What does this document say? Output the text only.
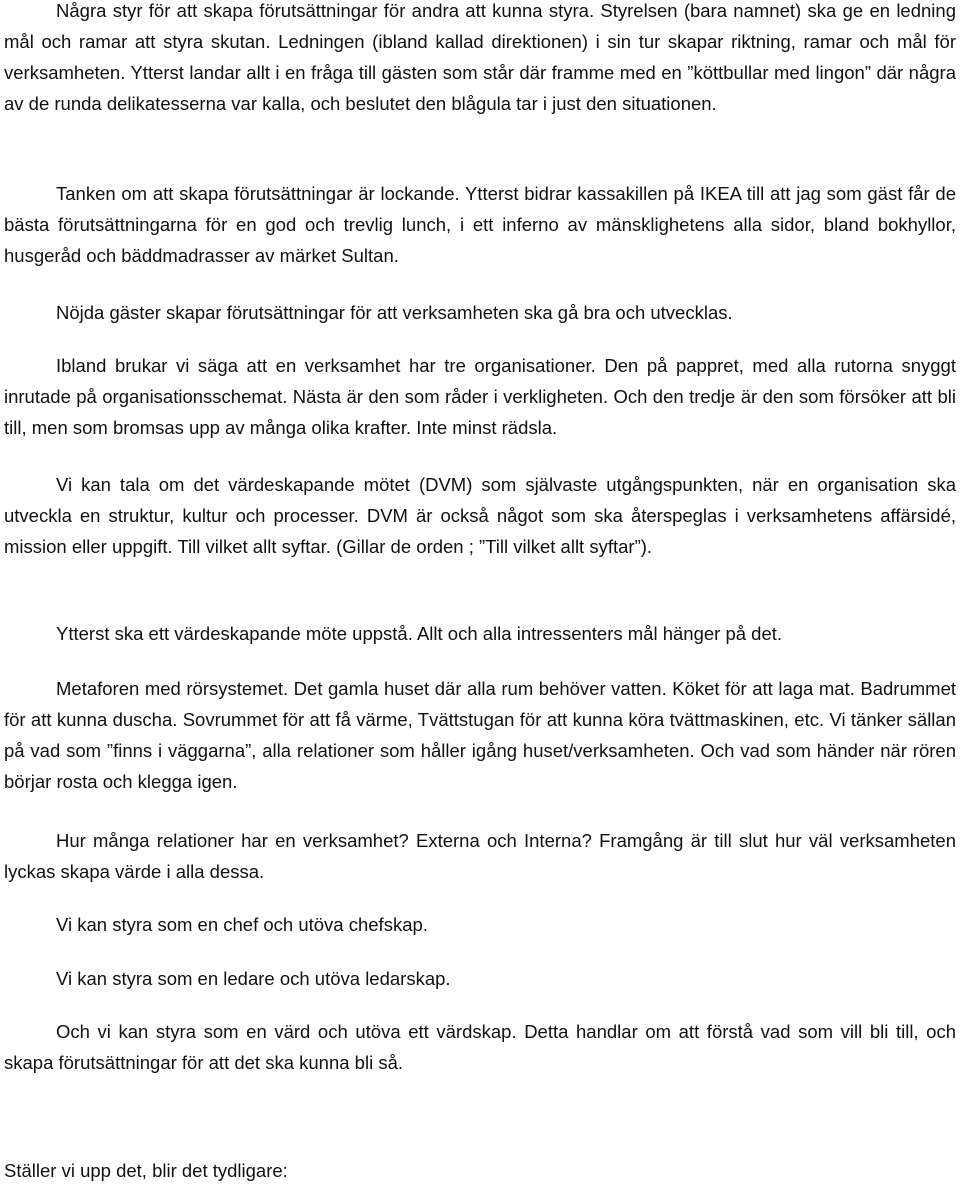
Några styr för att skapa förutsättningar för andra att kunna styra. Styrelsen (bara namnet) ska ge en ledning mål och ramar att styra skutan. Ledningen (ibland kallad direktionen) i sin tur skapar riktning, ramar och mål för verksamheten. Ytterst landar allt i en fråga till gästen som står där framme med en ”köttbullar med lingon” där några av de runda delikatesserna var kalla, och beslutet den blågula tar i just den situationen.

Tanken om att skapa förutsättningar är lockande. Ytterst bidrar kassakillen på IKEA till att jag som gäst får de bästa förutsättningarna för en god och trevlig lunch, i ett inferno av mänsklighetens alla sidor, bland bokhyllor, husgeråd och bäddmadrasser av märket Sultan.

Nöjda gäster skapar förutsättningar för att verksamheten ska gå bra och utvecklas.

Ibland brukar vi säga att en verksamhet har tre organisationer. Den på pappret, med alla rutorna snyggt inrutade på organisationsschemat. Nästa är den som råder i verkligheten. Och den tredje är den som försöker att bli till, men som bromsas upp av många olika krafter. Inte minst rädsla.

Vi kan tala om det värdeskapande mötet (DVM) som självaste utgångspunkten, när en organisation ska utveckla en struktur, kultur och processer. DVM är också något som ska återspeglas i verksamhetens affärsidé, mission eller uppgift. Till vilket allt syftar. (Gillar de orden ; ”Till vilket allt syftar”).

Ytterst ska ett värdeskapande möte uppstå. Allt och alla intressenters mål hänger på det.

Metaforen med rörsystemet. Det gamla huset där alla rum behöver vatten. Köket för att laga mat. Badrummet för att kunna duscha. Sovrummet för att få värme, Tvättstugan för att kunna köra tvättmaskinen, etc. Vi tänker sällan på vad som ”finns i väggarna”, alla relationer som håller igång huset/verksamheten. Och vad som händer när rören börjar rosta och klegga igen.

Hur många relationer har en verksamhet? Externa och Interna? Framgång är till slut hur väl verksamheten lyckas skapa värde i alla dessa.

Vi kan styra som en chef och utöva chefskap.

Vi kan styra som en ledare och utöva ledarskap.

Och vi kan styra som en värd och utöva ett värdskap. Detta handlar om att förstå vad som vill bli till, och skapa förutsättningar för att det ska kunna bli så.

Ställer vi upp det, blir det tydligare:
